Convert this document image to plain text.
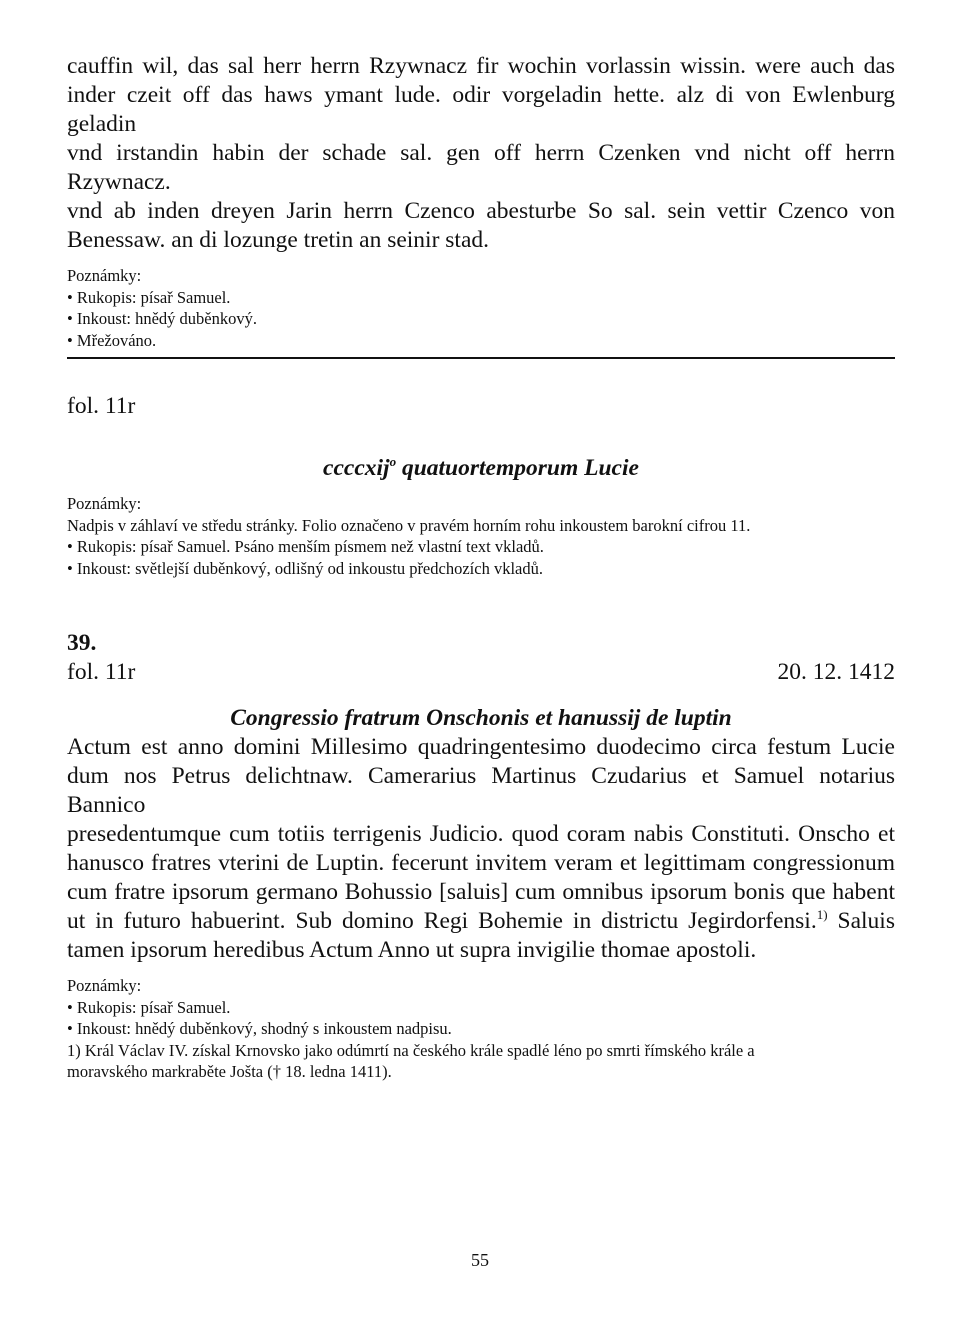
cauffin wil, das sal herr herrn Rzywnacz fir wochin vorlassin wissin. were auch das
inder czeit off das haws ymant lude. odir vorgeladin hette. alz di von Ewlenburg geladin
vnd irstandin habin der schade sal. gen off herrn Czenken vnd nicht off herrn Rzywnacz.
vnd ab inden dreyen Jarin herrn Czenco abesturbe So sal. sein vettir Czenco von
Benessaw. an di lozunge tretin an seinir stad.
Poznámky:
• Rukopis: písař Samuel.
• Inkoust: hnědý duběnkový.
• Mřežováno.
fol. 11r
ccccxij$^o$ quatuortemporum Lucie
Poznámky:
Nadpis v záhlaví ve středu stránky. Folio označeno v pravém horním rohu inkoustem barokní cifrou 11.
• Rukopis: písař Samuel. Psáno menším písmem než vlastní text vkladů.
• Inkoust: světlejší duběnkový, odlišný od inkoustu předchozích vkladů.
39.
fol. 11r	20. 12. 1412
Congressio fratrum Onschonis et hanussij de luptin
Actum est anno domini Millesimo quadringentesimo duodecimo circa festum Lucie
dum nos Petrus delichtnaw. Camerarius Martinus Czudarius et Samuel notarius Bannico
presedentumque cum totiis terrigenis Judicio. quod coram nabis Constituti. Onscho et
hanusco fratres vterini de Luptin. fecerunt invitem veram et legittimam congressionum
cum fratre ipsorum germano Bohussio [saluis] cum omnibus ipsorum bonis que habent
ut in futuro habuerint. Sub domino Regi Bohemie in districtu Jegirdorfensi.$^{1)}$ Saluis
tamen ipsorum heredibus Actum Anno ut supra invigilie thomae apostoli.
Poznámky:
• Rukopis: písař Samuel.
• Inkoust: hnědý duběnkový, shodný s inkoustem nadpisu.
1) Král Václav IV. získal Krnovsko jako odúmrtí na českého krále spadlé léno po smrti římského krále a
moravského markraběte Jošta († 18. ledna 1411).
55
